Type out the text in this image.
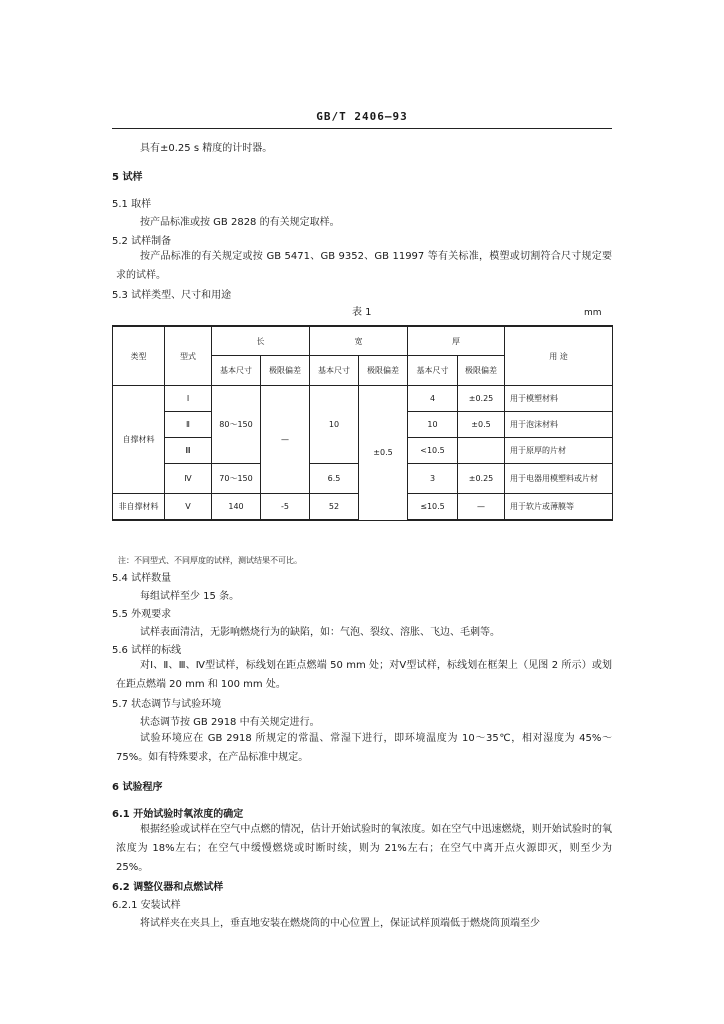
GB/T 2406—93
具有±0.25 s 精度的计时器。
5 试样
5.1 取样
按产品标准或按 GB 2828 的有关规定取样。
5.2 试样制备
按产品标准的有关规定或按 GB 5471、GB 9352、GB 11997 等有关标准，模塑或切割符合尺寸规定要求的试样。
5.3 试样类型、尺寸和用途
表 1	mm
类型	型式	长		宽		厚		用 途
		基本尺寸	极限偏差	基本尺寸	极限偏差	基本尺寸	极限偏差	
自撑材料	Ⅰ	80～150	—	10	±0.5	4	±0.25	用于模塑材料
	Ⅱ					10	±0.5	用于泡沫材料
	Ⅲ					<10.5		用于原厚的片材
	Ⅳ	70～150		6.5		3	±0.25	用于电器用模塑料或片材
非自撑材料	Ⅴ	140	-5	52		≤10.5	—	用于软片或薄膜等
注：不同型式、不同厚度的试样，测试结果不可比。
5.4 试样数量
每组试样至少 15 条。
5.5 外观要求
试样表面清洁，无影响燃烧行为的缺陷，如：气泡、裂纹、溶胀、飞边、毛刺等。
5.6 试样的标线
对Ⅰ、Ⅱ、Ⅲ、Ⅳ型试样，标线划在距点燃端 50 mm 处；对Ⅴ型试样，标线划在框架上（见图 2 所示）或划在距点燃端 20 mm 和 100 mm 处。
5.7 状态调节与试验环境
状态调节按 GB 2918 中有关规定进行。
试验环境应在 GB 2918 所规定的常温、常湿下进行，即环境温度为 10～35℃，相对湿度为 45%～75%。如有特殊要求，在产品标准中规定。
6 试验程序
6.1 开始试验时氧浓度的确定
根据经验或试样在空气中点燃的情况，估计开始试验时的氧浓度。如在空气中迅速燃烧，则开始试验时的氧浓度为 18%左右；在空气中缓慢燃烧或时断时续，则为 21%左右；在空气中离开点火源即灭，则至少为 25%。
6.2 调整仪器和点燃试样
6.2.1 安装试样
将试样夹在夹具上，垂直地安装在燃烧筒的中心位置上，保证试样顶端低于燃烧筒顶端至少
